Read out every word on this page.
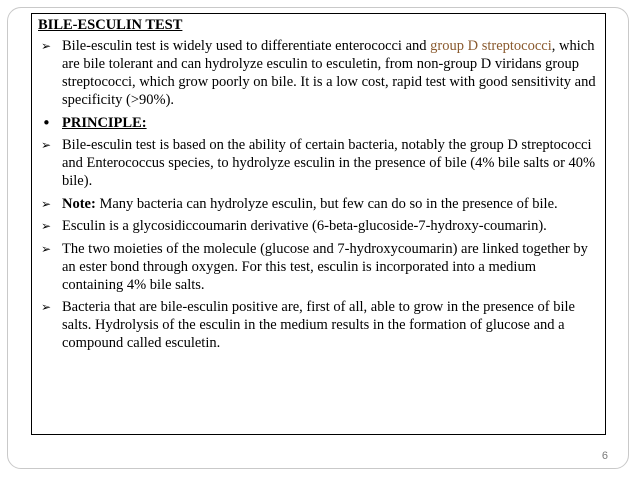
BILE-ESCULIN TEST
➢ Bile-esculin test is widely used to differentiate enterococci and group D streptococci, which are bile tolerant and can hydrolyze esculin to esculetin, from non-group D viridans group streptococci, which grow poorly on bile. It is a low cost, rapid test with good sensitivity and specificity (>90%).
• PRINCIPLE:
➢ Bile-esculin test is based on the ability of certain bacteria, notably the group D streptococci and Enterococcus species, to hydrolyze esculin in the presence of bile (4% bile salts or 40% bile).
➢ Note: Many bacteria can hydrolyze esculin, but few can do so in the presence of bile.
➢ Esculin is a glycosidiccoumarin derivative (6-beta-glucoside-7-hydroxy-coumarin).
➢ The two moieties of the molecule (glucose and 7-hydroxycoumarin) are linked together by an ester bond through oxygen. For this test, esculin is incorporated into a medium containing 4% bile salts.
➢ Bacteria that are bile-esculin positive are, first of all, able to grow in the presence of bile salts. Hydrolysis of the esculin in the medium results in the formation of glucose and a compound called esculetin.
6
